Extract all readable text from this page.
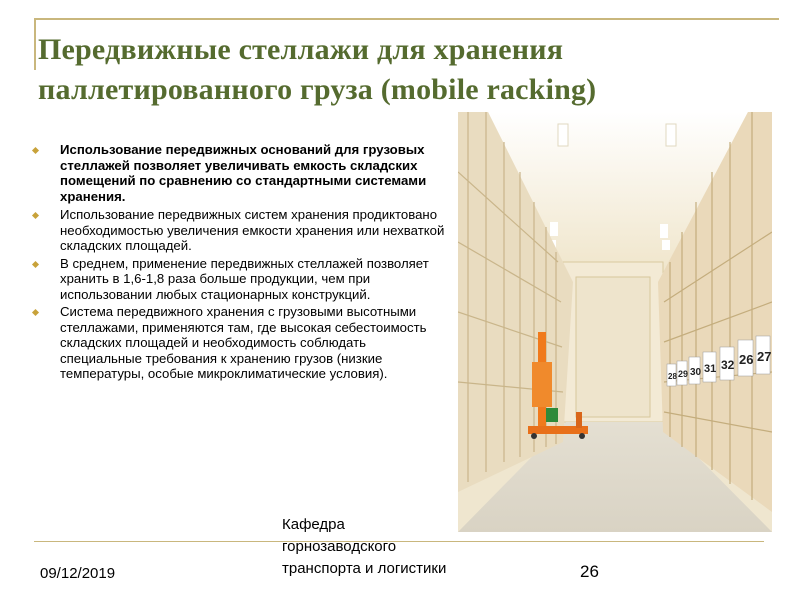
Передвижные стеллажи для хранения
паллетированного груза (mobile racking)
Использование передвижных оснований для грузовых стеллажей позволяет увеличивать емкость складских помещений по сравнению со стандартными системами хранения.
Использование передвижных систем хранения продиктовано необходимостью увеличения емкости хранения или нехваткой складских площадей.
В среднем, применение передвижных стеллажей позволяет хранить в 1,6-1,8 раза больше продукции, чем при использовании любых стационарных конструкций.
Система передвижного хранения с грузовыми высотными стеллажами, применяются там, где высокая себестоимость складских площадей и необходимость соблюдать специальные требования к хранению грузов (низкие температуры, особые микроклиматические условия).	28 29 30 31 32 26 27
09/12/2019
Кафедра
горнозаводского
транспорта и логистики	26
